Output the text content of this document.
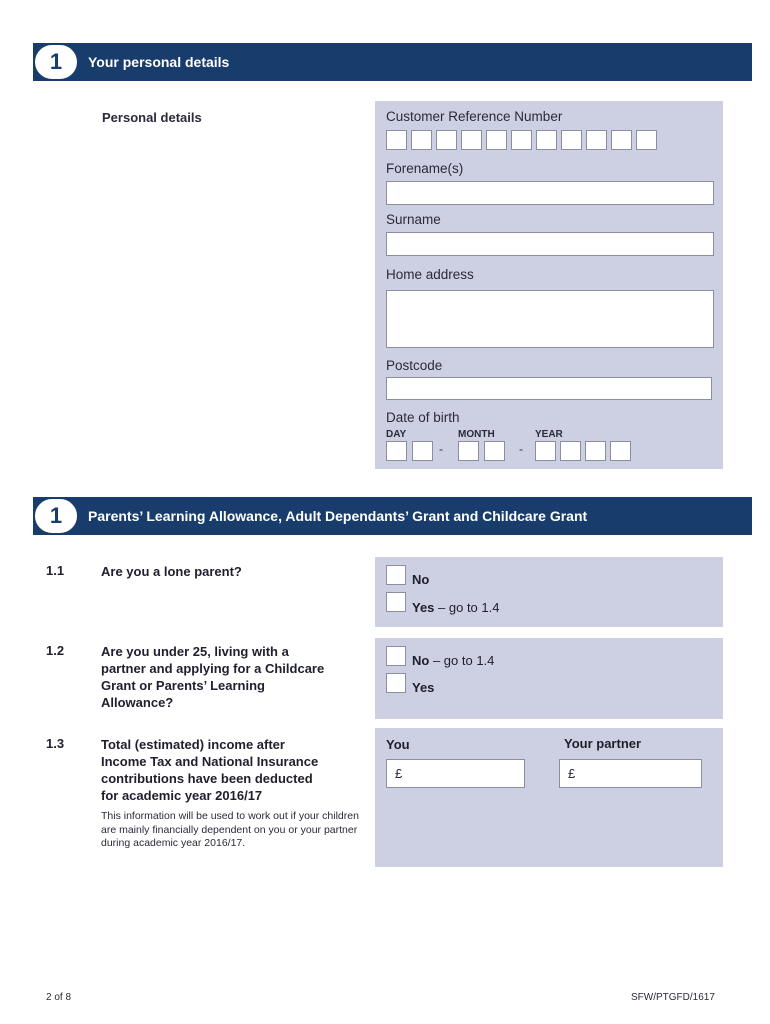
1	Your personal details
Personal details	Customer Reference Number
Forename(s)
Surname
Home address
Postcode
Date of birth
DAY	MONTH	YEAR
-	-
1	Parents’ Learning Allowance, Adult Dependants’ Grant and Childcare Grant
1.1	Are you a lone parent?
No
Yes – go to 1.4
1.2	Are you under 25, living with a
partner and applying for a Childcare
Grant or Parents’ Learning
Allowance?
No – go to 1.4
Yes
1.3	Total (estimated) income after
Income Tax and National Insurance
contributions have been deducted
for academic year 2016/17
This information will be used to work out if your children are mainly financially dependent on you or your partner during academic year 2016/17.
You	Your partner
£	£
2 of 8	SFW/PTGFD/1617
